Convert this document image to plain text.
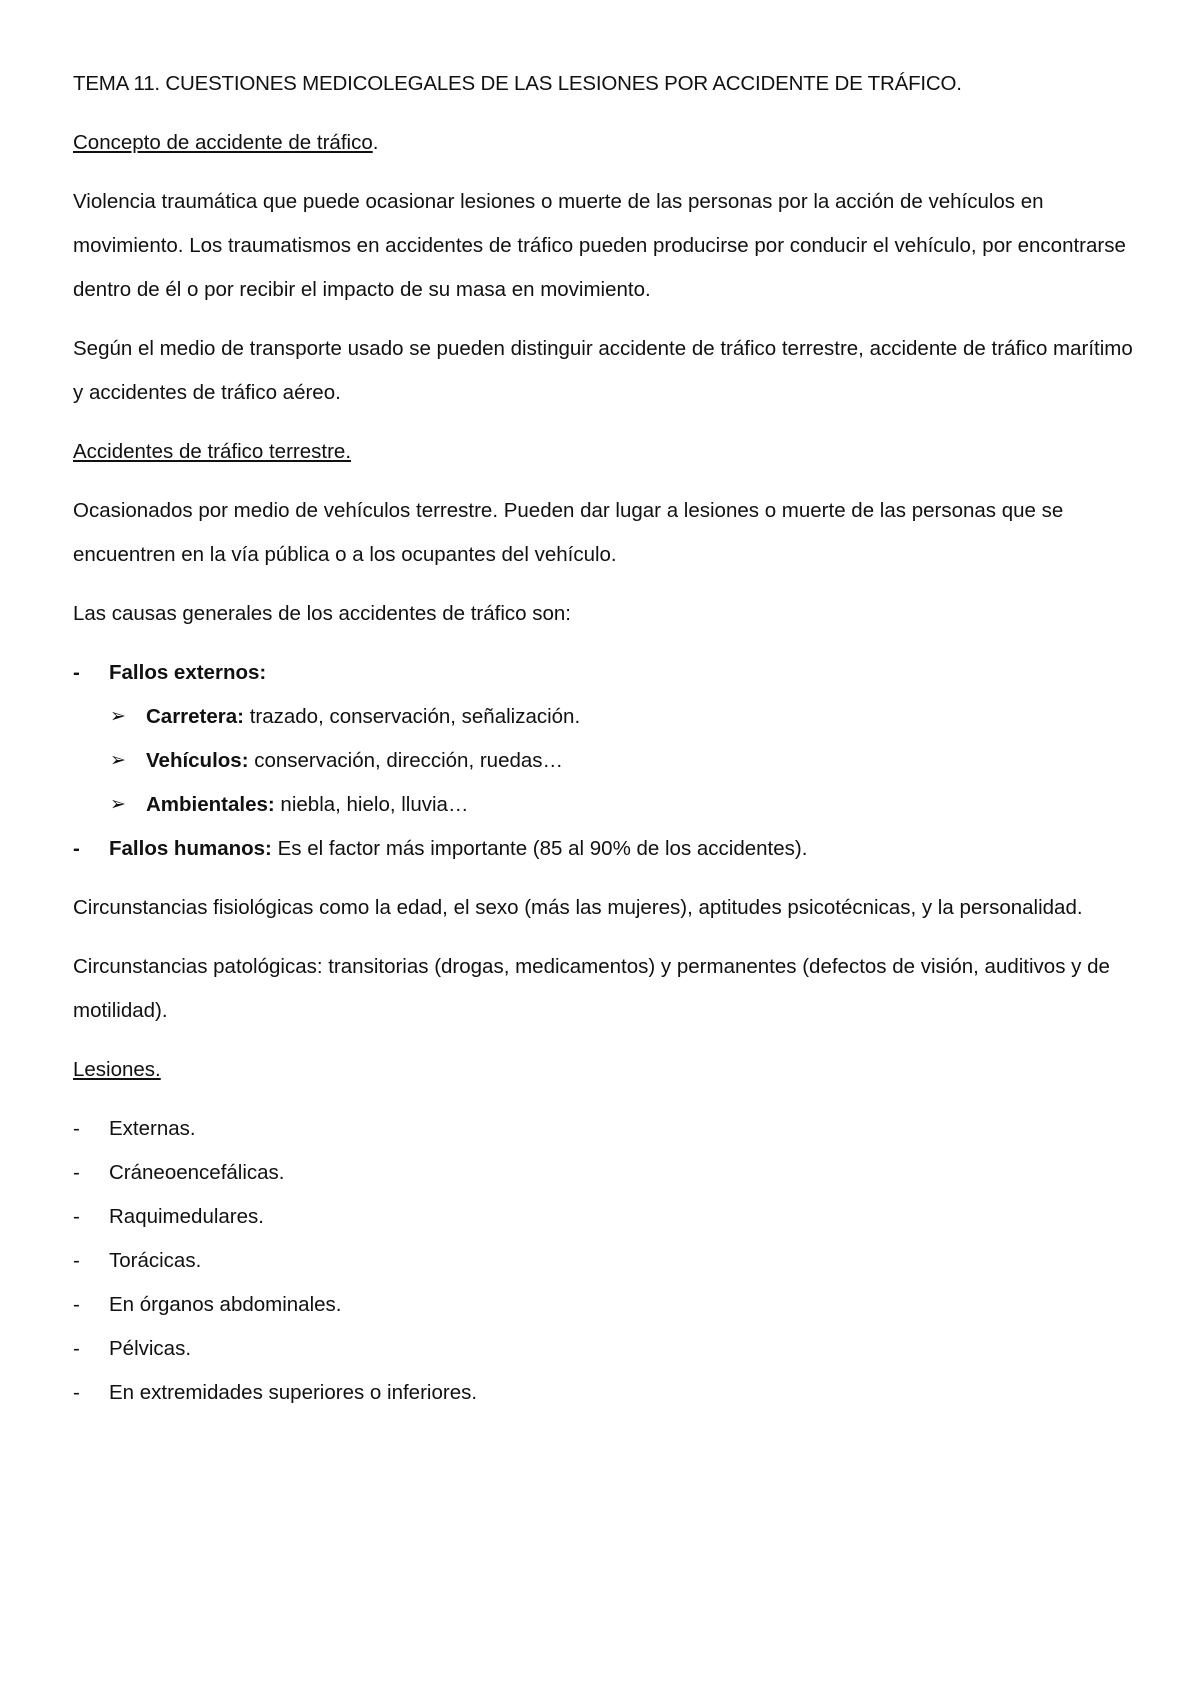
TEMA 11. CUESTIONES MEDICOLEGALES DE LAS LESIONES POR ACCIDENTE DE TRÁFICO.
Concepto de accidente de tráfico.
Violencia traumática que puede ocasionar lesiones o muerte de las personas por la acción de vehículos en movimiento. Los traumatismos en accidentes de tráfico pueden producirse por conducir el vehículo, por encontrarse dentro de él o por recibir el impacto de su masa en movimiento.
Según el medio de transporte usado se pueden distinguir accidente de tráfico terrestre, accidente de tráfico marítimo y accidentes de tráfico aéreo.
Accidentes de tráfico terrestre.
Ocasionados por medio de vehículos terrestre. Pueden dar lugar a lesiones o muerte de las personas que se encuentren en la vía pública o a los ocupantes del vehículo.
Las causas generales de los accidentes de tráfico son:
-	Fallos externos:
➢ Carretera: trazado, conservación, señalización.
➢ Vehículos: conservación, dirección, ruedas…
➢ Ambientales: niebla, hielo, lluvia…
-	Fallos humanos: Es el factor más importante (85 al 90% de los accidentes).
Circunstancias fisiológicas como la edad, el sexo (más las mujeres), aptitudes psicotécnicas, y la personalidad.
Circunstancias patológicas: transitorias (drogas, medicamentos) y permanentes (defectos de visión, auditivos y de motilidad).
Lesiones.
-	Externas.
-	Cráneoencefálicas.
-	Raquimedulares.
-	Torácicas.
-	En órganos abdominales.
-	Pélvicas.
-	En extremidades superiores o inferiores.
